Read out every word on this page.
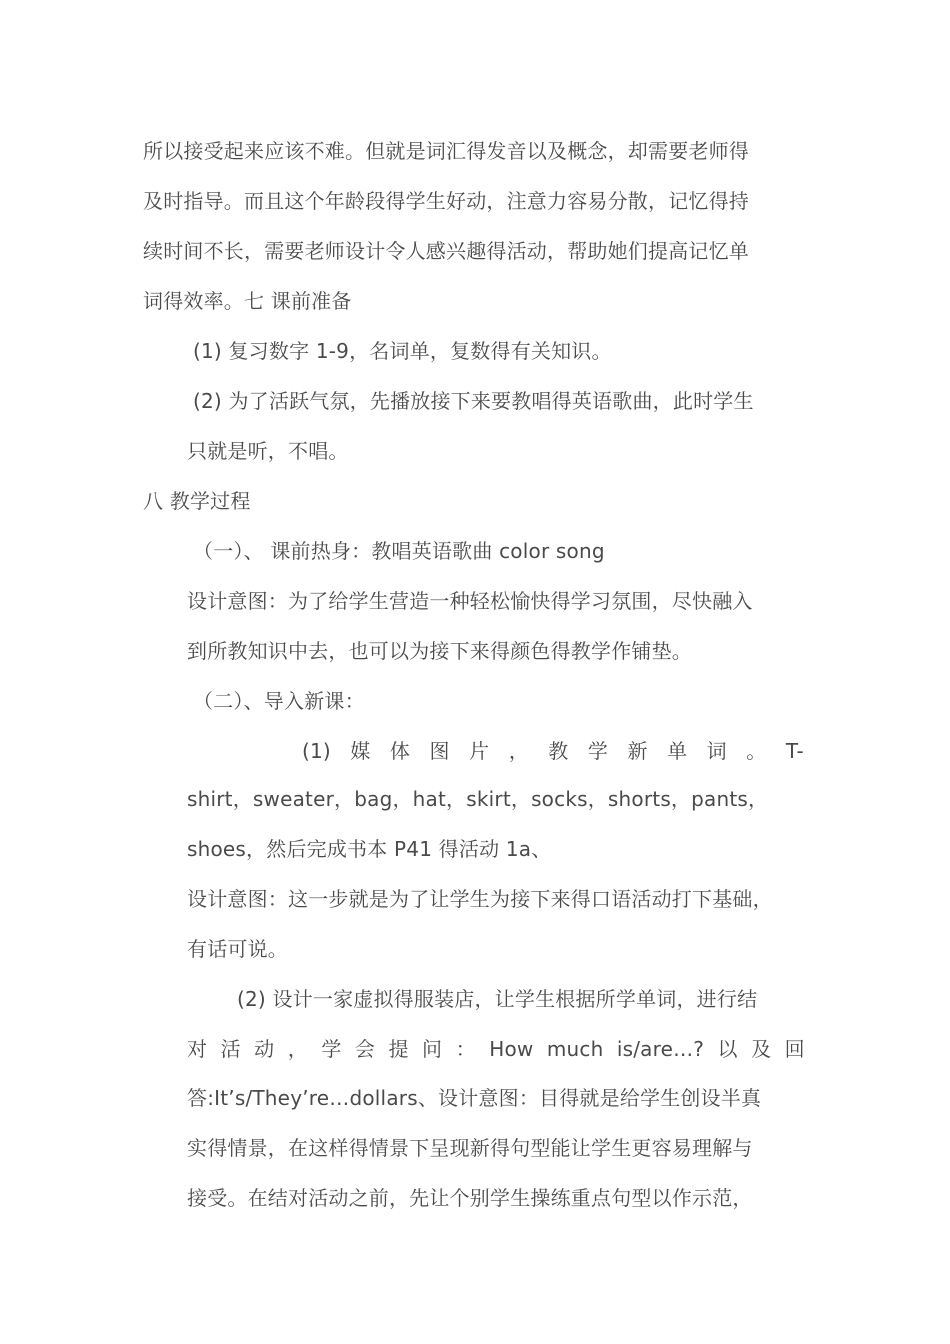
所以接受起来应该不难。但就是词汇得发音以及概念，却需要老师得
及时指导。而且这个年龄段得学生好动，注意力容易分散，记忆得持
续时间不长，需要老师设计令人感兴趣得活动，帮助她们提高记忆单
词得效率。七 课前准备
(1) 复习数字 1-9，名词单，复数得有关知识。
(2) 为了活跃气氛，先播放接下来要教唱得英语歌曲，此时学生
只就是听，不唱。
八 教学过程
（一）、 课前热身：教唱英语歌曲 color song
设计意图：为了给学生营造一种轻松愉快得学习氛围，尽快融入
到所教知识中去，也可以为接下来得颜色得教学作铺垫。
（二）、导入新课：
(1) 媒 体 图 片 ， 教 学 新 单 词 。 T-
shirt，sweater，bag，hat，skirt，socks，shorts，pants，
shoes，然后完成书本 P41 得活动 1a、
设计意图：这一步就是为了让学生为接下来得口语活动打下基础，
有话可说。
(2) 设计一家虚拟得服装店，让学生根据所学单词，进行结
对 活 动 ， 学 会 提 问 ： How much is/are…? 以 及 回
答:It’s/They’re…dollars、设计意图：目得就是给学生创设半真
实得情景，在这样得情景下呈现新得句型能让学生更容易理解与
接受。在结对活动之前，先让个别学生操练重点句型以作示范，
